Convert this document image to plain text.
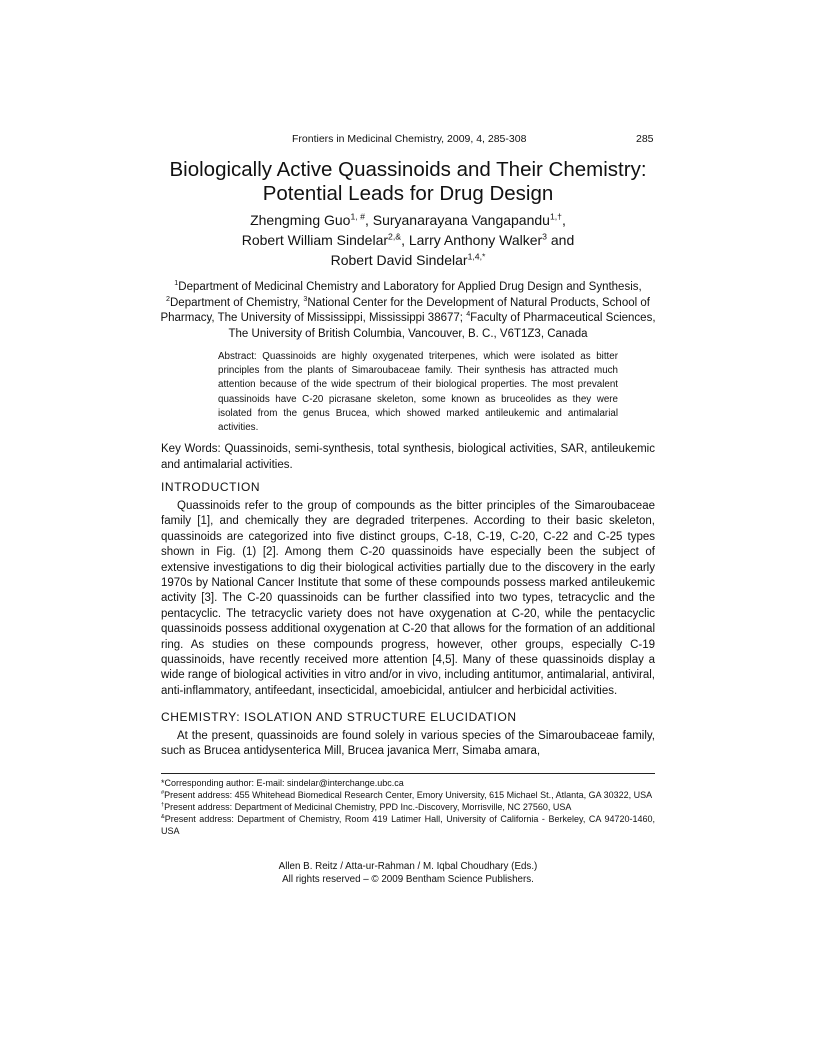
Frontiers in Medicinal Chemistry, 2009, 4, 285-308	285
Biologically Active Quassinoids and Their Chemistry:
Potential Leads for Drug Design
Zhengming Guo$^{1, \#}$, Suryanarayana Vangapandu$^{1,\dagger}$,
Robert William Sindelar$^{2,\&}$, Larry Anthony Walker$^3$ and
Robert David Sindelar$^{1,4,*}$
$^1$Department of Medicinal Chemistry and Laboratory for Applied Drug Design and Synthesis, $^2$Department of Chemistry, $^3$National Center for the Development of Natural Products, School of Pharmacy, The University of Mississippi, Mississippi 38677; $^4$Faculty of Pharmaceutical Sciences, The University of British Columbia, Vancouver, B. C., V6T1Z3, Canada
Abstract: Quassinoids are highly oxygenated triterpenes, which were isolated as bitter principles from the plants of Simaroubaceae family. Their synthesis has attracted much attention because of the wide spectrum of their biological properties. The most prevalent quassinoids have C-20 picrasane skeleton, some known as bruceolides as they were isolated from the genus Brucea, which showed marked antileukemic and antimalarial activities.
Key Words: Quassinoids, semi-synthesis, total synthesis, biological activities, SAR, antileukemic and antimalarial activities.
INTRODUCTION

Quassinoids refer to the group of compounds as the bitter principles of the Simaroubaceae family [1], and chemically they are degraded triterpenes. According to their basic skeleton, quassinoids are categorized into five distinct groups, C-18, C-19, C-20, C-22 and C-25 types shown in Fig. (1) [2]. Among them C-20 quassinoids have especially been the subject of extensive investigations to dig their biological activities partially due to the discovery in the early 1970s by National Cancer Institute that some of these compounds possess marked antileukemic activity [3]. The C-20 quassinoids can be further classified into two types, tetracyclic and the pentacyclic. The tetracyclic variety does not have oxygenation at C-20, while the pentacyclic quassinoids possess additional oxygenation at C-20 that allows for the formation of an additional ring. As studies on these compounds progress, however, other groups, especially C-19 quassinoids, have recently received more attention [4,5]. Many of these quassinoids display a wide range of biological activities in vitro and/or in vivo, including antitumor, antimalarial, antiviral, anti-inflammatory, antifeedant, insecticidal, amoebicidal, antiulcer and herbicidal activities.

CHEMISTRY: ISOLATION AND STRUCTURE ELUCIDATION

At the present, quassinoids are found solely in various species of the Simaroubaceae family, such as Brucea antidysenterica Mill, Brucea javanica Merr, Simaba amara,

*Corresponding author: E-mail: sindelar@interchange.ubc.ca

#Present address: 455 Whitehead Biomedical Research Center, Emory University, 615 Michael St., Atlanta, GA 30322, USA

†Present address: Department of Medicinal Chemistry, PPD Inc.-Discovery, Morrisville, NC 27560, USA

&Present address: Department of Chemistry, Room 419 Latimer Hall, University of California - Berkeley, CA 94720-1460, USA

Allen B. Reitz / Atta-ur-Rahman / M. Iqbal Choudhary (Eds.)
All rights reserved – © 2009 Bentham Science Publishers.
